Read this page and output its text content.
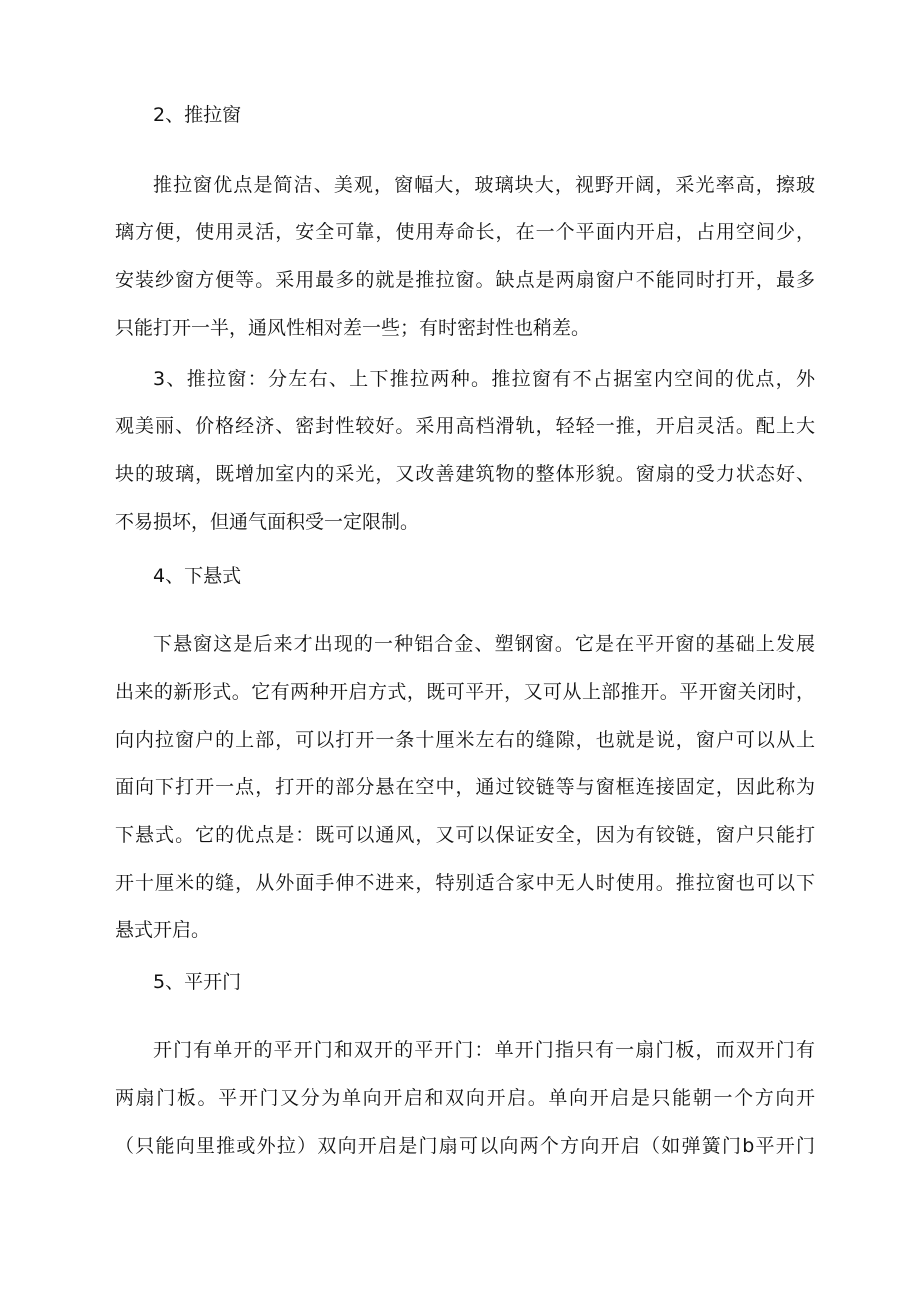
2、推拉窗
推拉窗优点是简洁、美观，窗幅大，玻璃块大，视野开阔，采光率高，擦玻
璃方便，使用灵活，安全可靠，使用寿命长，在一个平面内开启，占用空间少，
安装纱窗方便等。采用最多的就是推拉窗。缺点是两扇窗户不能同时打开，最多
只能打开一半，通风性相对差一些；有时密封性也稍差。
3、推拉窗：分左右、上下推拉两种。推拉窗有不占据室内空间的优点，外
观美丽、价格经济、密封性较好。采用高档滑轨，轻轻一推，开启灵活。配上大
块的玻璃，既增加室内的采光，又改善建筑物的整体形貌。窗扇的受力状态好、
不易损坏，但通气面积受一定限制。
4、下悬式
下悬窗这是后来才出现的一种铝合金、塑钢窗。它是在平开窗的基础上发展
出来的新形式。它有两种开启方式，既可平开，又可从上部推开。平开窗关闭时，
向内拉窗户的上部，可以打开一条十厘米左右的缝隙，也就是说，窗户可以从上
面向下打开一点，打开的部分悬在空中，通过铰链等与窗框连接固定，因此称为
下悬式。它的优点是：既可以通风，又可以保证安全，因为有铰链，窗户只能打
开十厘米的缝，从外面手伸不进来，特别适合家中无人时使用。推拉窗也可以下
悬式开启。
5、平开门
开门有单开的平开门和双开的平开门：单开门指只有一扇门板，而双开门有
两扇门板。平开门又分为单向开启和双向开启。单向开启是只能朝一个方向开
（只能向里推或外拉）双向开启是门扇可以向两个方向开启（如弹簧门b平开门
